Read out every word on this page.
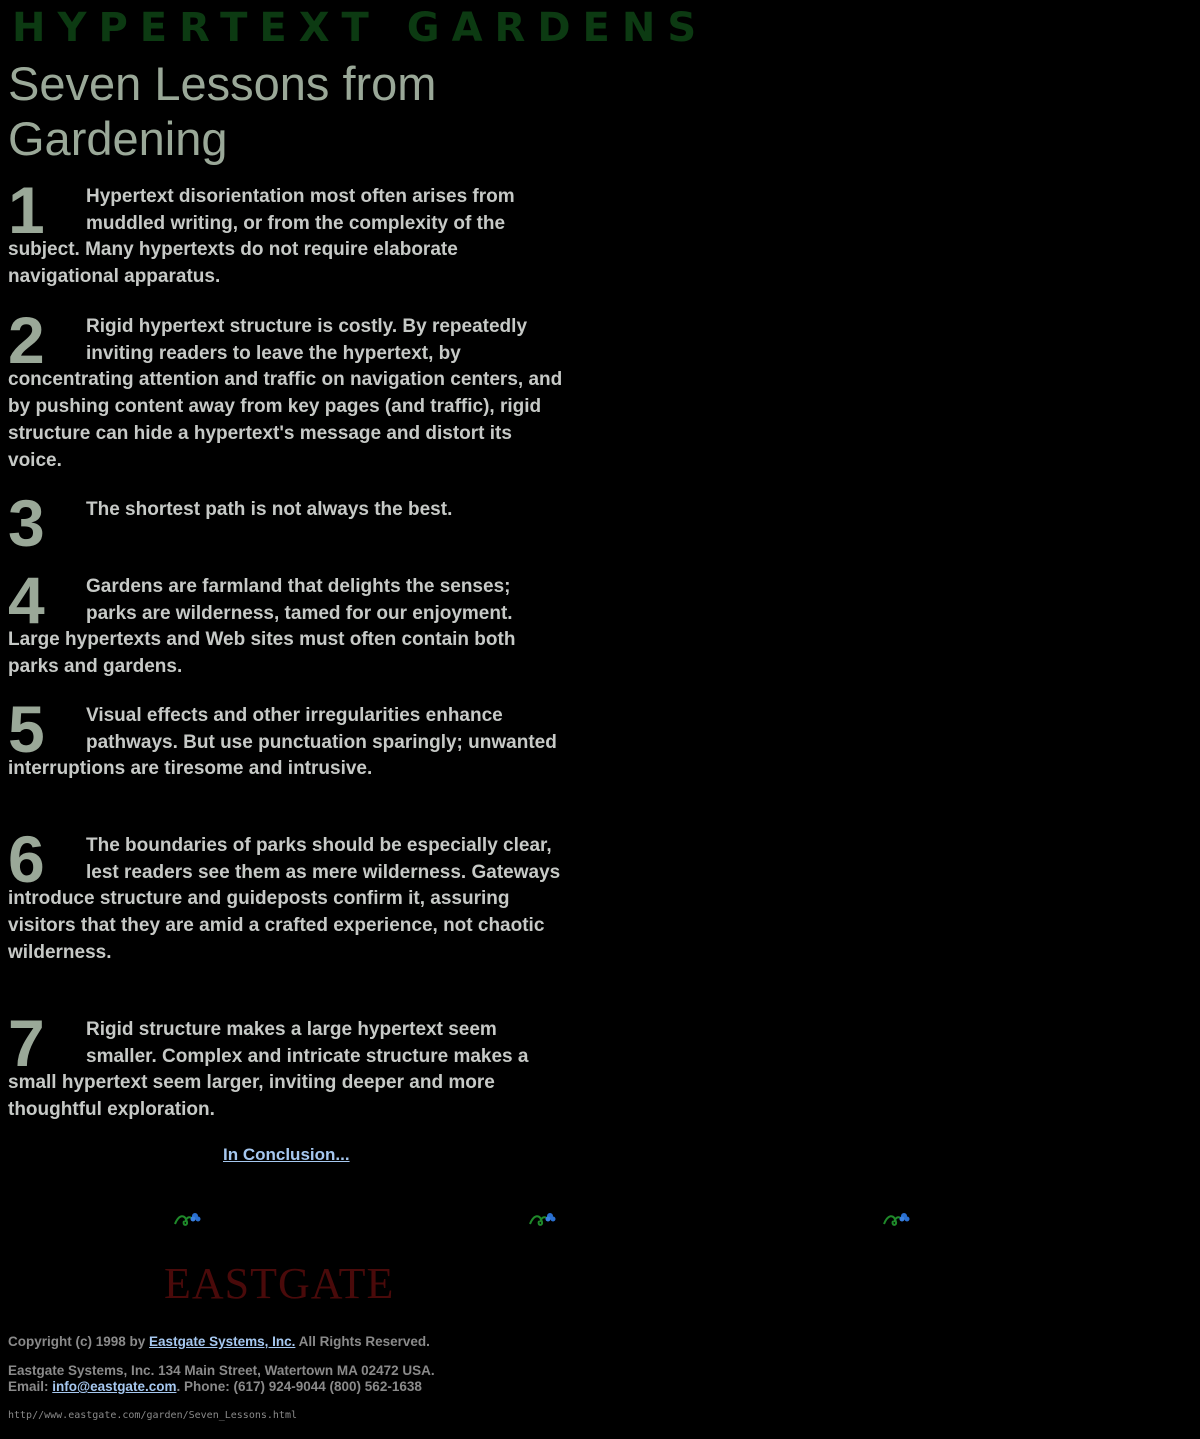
HYPERTEXT GARDENS
Seven Lessons from Gardening
1	Hypertext disorientation most often arises from muddled writing, or from the complexity of the subject. Many hypertexts do not require elaborate navigational apparatus.
2	Rigid hypertext structure is costly. By repeatedly inviting readers to leave the hypertext, by concentrating attention and traffic on navigation centers, and by pushing content away from key pages (and traffic), rigid structure can hide a hypertext's message and distort its voice.
3	The shortest path is not always the best.
4	Gardens are farmland that delights the senses; parks are wilderness, tamed for our enjoyment. Large hypertexts and Web sites must often contain both parks and gardens.
5	Visual effects and other irregularities enhance pathways. But use punctuation sparingly; unwanted interruptions are tiresome and intrusive.
6	The boundaries of parks should be especially clear, lest readers see them as mere wilderness. Gateways introduce structure and guideposts confirm it, assuring visitors that they are amid a crafted experience, not chaotic wilderness.
7	Rigid structure makes a large hypertext seem smaller. Complex and intricate structure makes a small hypertext seem larger, inviting deeper and more thoughtful exploration.
In Conclusion...
EASTGATE
Copyright (c) 1998 by Eastgate Systems, Inc. All Rights Reserved.
Eastgate Systems, Inc. 134 Main Street, Watertown MA 02472 USA.
Email: info@eastgate.com. Phone: (617) 924-9044 (800) 562-1638
http//www.eastgate.com/garden/Seven_Lessons.html
